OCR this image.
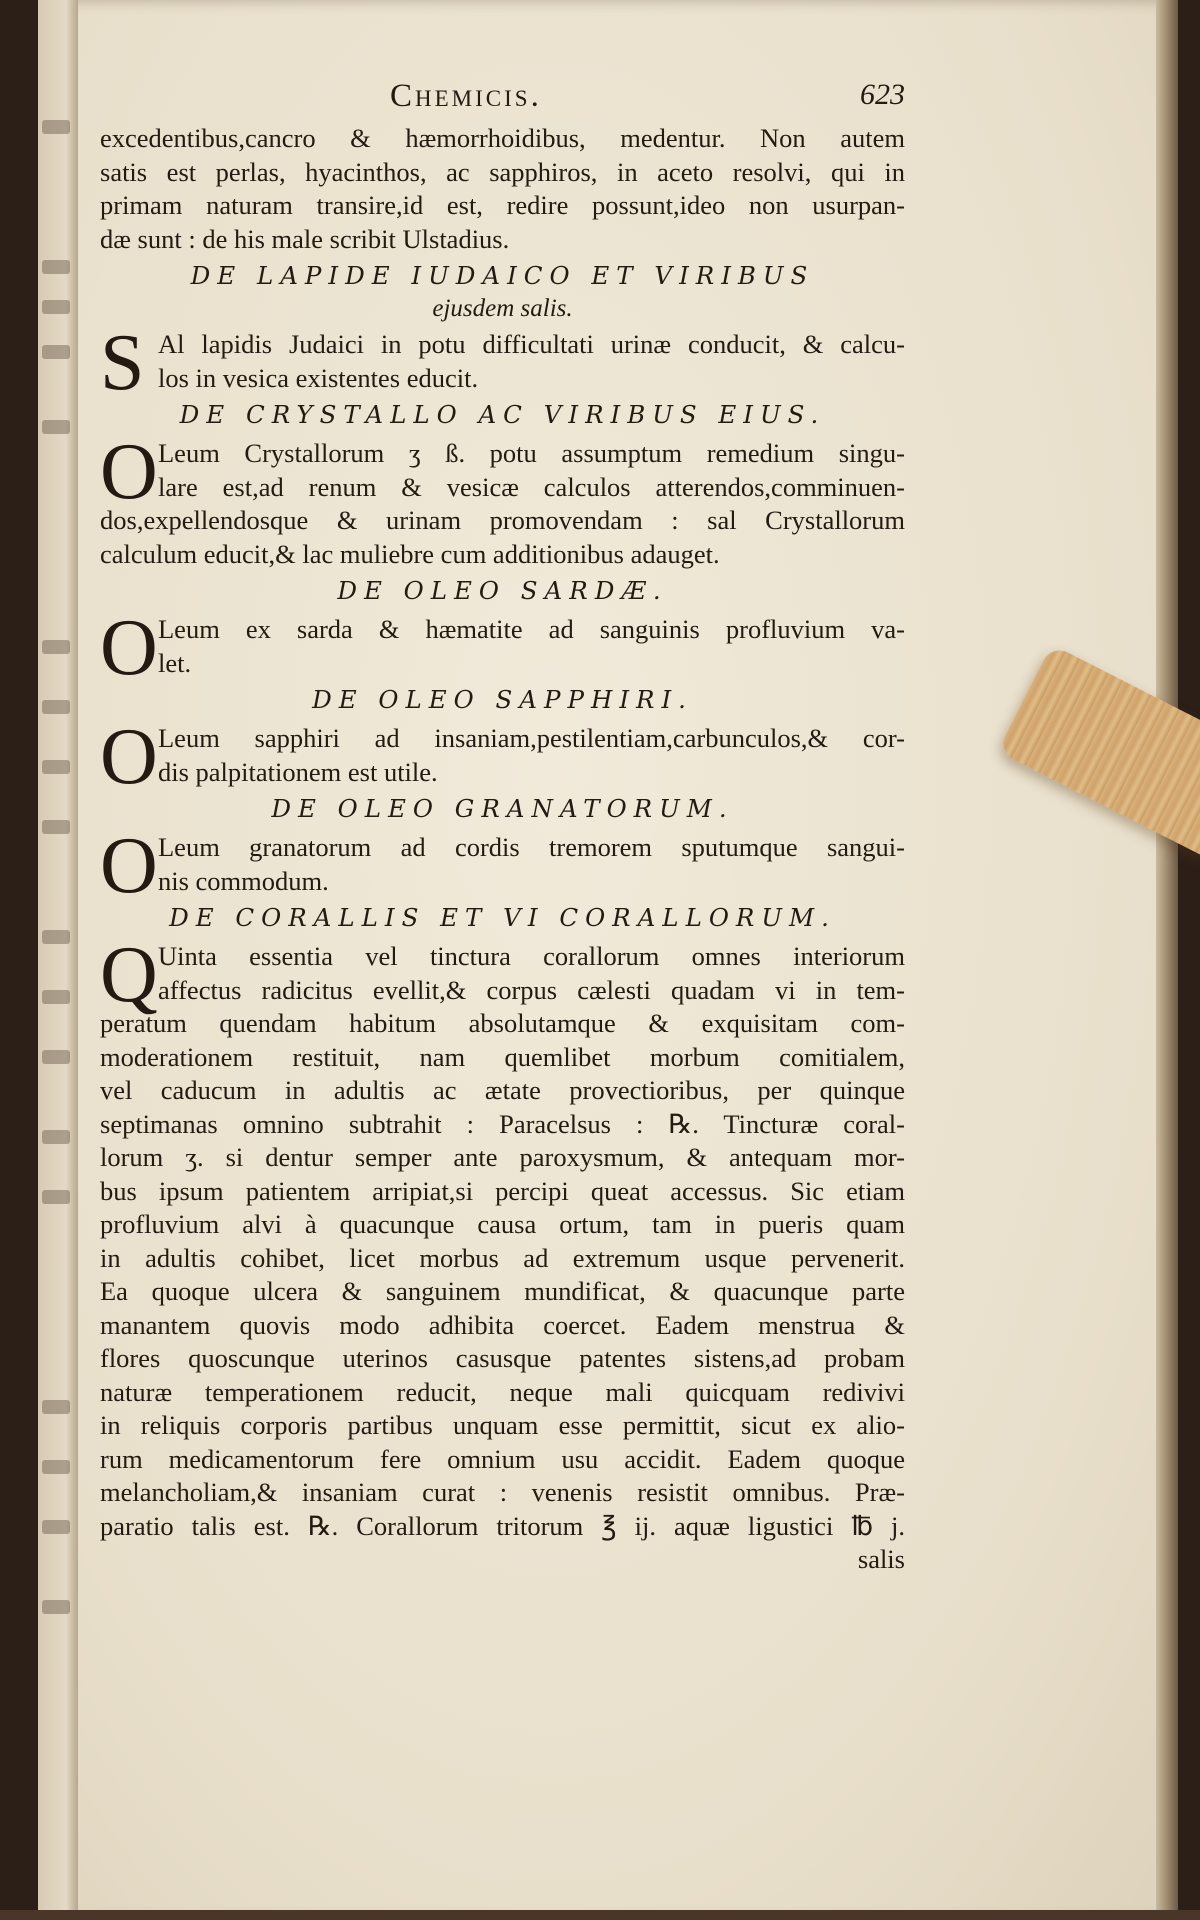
Chemicis.	623

excedentibus,cancro & hæmorrhoidibus, medentur. Non autem

satis est perlas, hyacinthos, ac sapphiros, in aceto resolvi, qui in

primam naturam transire,id est, redire possunt,ideo non usurpan-

dæ sunt : de his male scribit Ulstadius.

DE LAPIDE IUDAICO ET VIRIBUS
ejusdem salis.
S Al lapidis Judaici in potu difficultati urinæ conducit, & calcu-

los in vesica existentes educit.

DE CRYSTALLO AC VIRIBUS EIUS.
O Leum Crystallorum ʒ ß. potu assumptum remedium singu-

lare est,ad renum & vesicæ calculos atterendos,comminuen-

dos,expellendosque & urinam promovendam : sal Crystallorum

calculum educit,& lac muliebre cum additionibus adauget.

DE OLEO SARDÆ.
O Leum ex sarda & hæmatite ad sanguinis profluvium va-

let.

DE OLEO SAPPHIRI.
O Leum sapphiri ad insaniam,pestilentiam,carbunculos,& cor-

dis palpitationem est utile.

DE OLEO GRANATORUM.
O Leum granatorum ad cordis tremorem sputumque sangui-

nis commodum.

DE CORALLIS ET VI CORALLORUM.
Q Uinta essentia vel tinctura corallorum omnes interiorum

affectus radicitus evellit,& corpus cælesti quadam vi in tem-

peratum quendam habitum absolutamque & exquisitam com-

moderationem restituit, nam quemlibet morbum comitialem,

vel caducum in adultis ac ætate provectioribus, per quinque

septimanas omnino subtrahit : Paracelsus : ℞. Tincturæ coral-

lorum ʒ. si dentur semper ante paroxysmum, & antequam mor-

bus ipsum patientem arripiat,si percipi queat accessus. Sic etiam

profluvium alvi à quacunque causa ortum, tam in pueris quam

in adultis cohibet, licet morbus ad extremum usque pervenerit.

Ea quoque ulcera & sanguinem mundificat, & quacunque parte

manantem quovis modo adhibita coercet. Eadem menstrua &

flores quoscunque uterinos casusque patentes sistens,ad probam

naturæ temperationem reducit, neque mali quicquam redivivi

in reliquis corporis partibus unquam esse permittit, sicut ex alio-

rum medicamentorum fere omnium usu accidit. Eadem quoque

melancholiam,& insaniam curat : venenis resistit omnibus. Præ-

paratio talis est. ℞. Corallorum tritorum ℥ ij. aquæ ligustici ℔ j.

salis
